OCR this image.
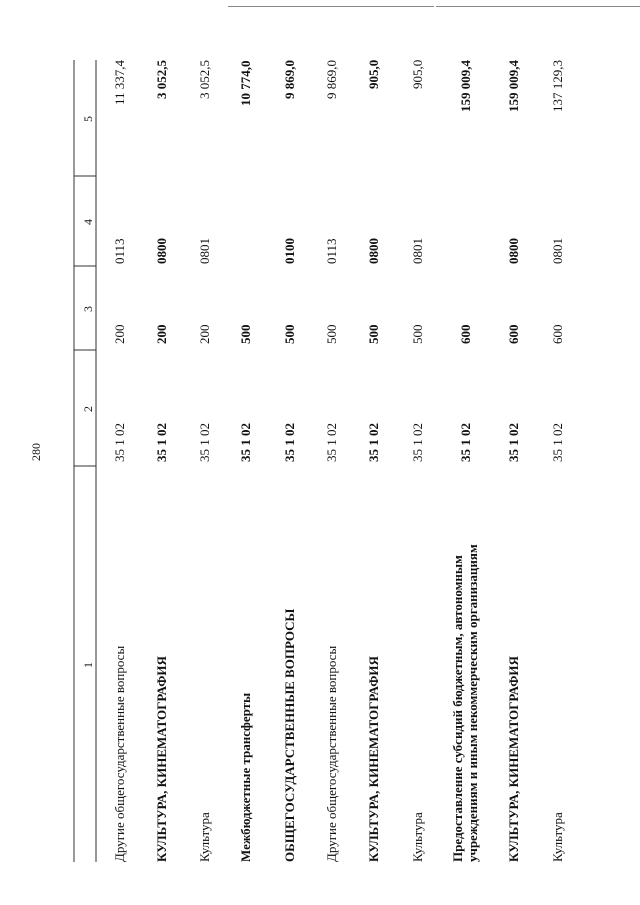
280
Другие общегосударственные вопросы
35 1 02
200
0113
11 337,4
КУЛЬТУРА, КИНЕМАТОГРАФИЯ
35 1 02
200
0800
3 052,5
Культура
35 1 02
200
0801
3 052,5
Межбюджетные трансферты
35 1 02
500
10 774,0
ОБЩЕГОСУДАРСТВЕННЫЕ ВОПРОСЫ
35 1 02
500
0100
9 869,0
Другие общегосударственные вопросы
35 1 02
500
0113
9 869,0
КУЛЬТУРА, КИНЕМАТОГРАФИЯ
35 1 02
500
0800
905,0
Культура
35 1 02
500
0801
905,0
Предоставление субсидий бюджетным, автономным учреждениям и иным некоммерческим организациям
35 1 02
600
159 009,4
КУЛЬТУРА, КИНЕМАТОГРАФИЯ
35 1 02
600
0800
159 009,4
Культура
35 1 02
600
0801
137 129,3
1
2
3
4
5
